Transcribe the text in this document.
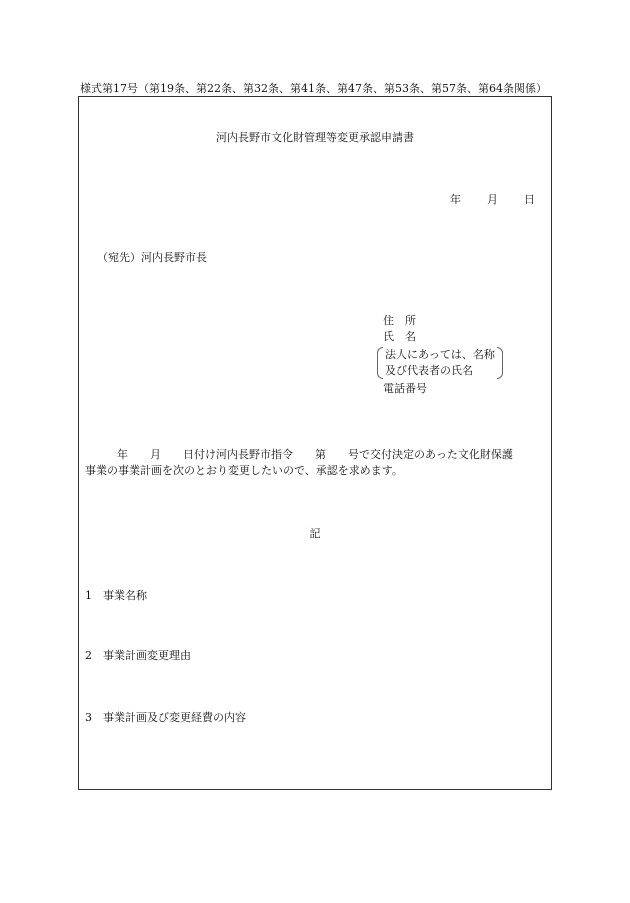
様式第17号（第19条、第22条、第32条、第41条、第47条、第53条、第57条、第64条関係）
河内長野市文化財管理等変更承認申請書
年 月 日
（宛先）河内長野市長
住　所
氏　名
法人にあっては、名称
及び代表者の氏名
電話番号
年　　月　　日付け河内長野市指令　　第　　号で交付決定のあった文化財保護
事業の事業計画を次のとおり変更したいので、承認を求めます。
記
1 事業名称
2 事業計画変更理由
3 事業計画及び変更経費の内容
